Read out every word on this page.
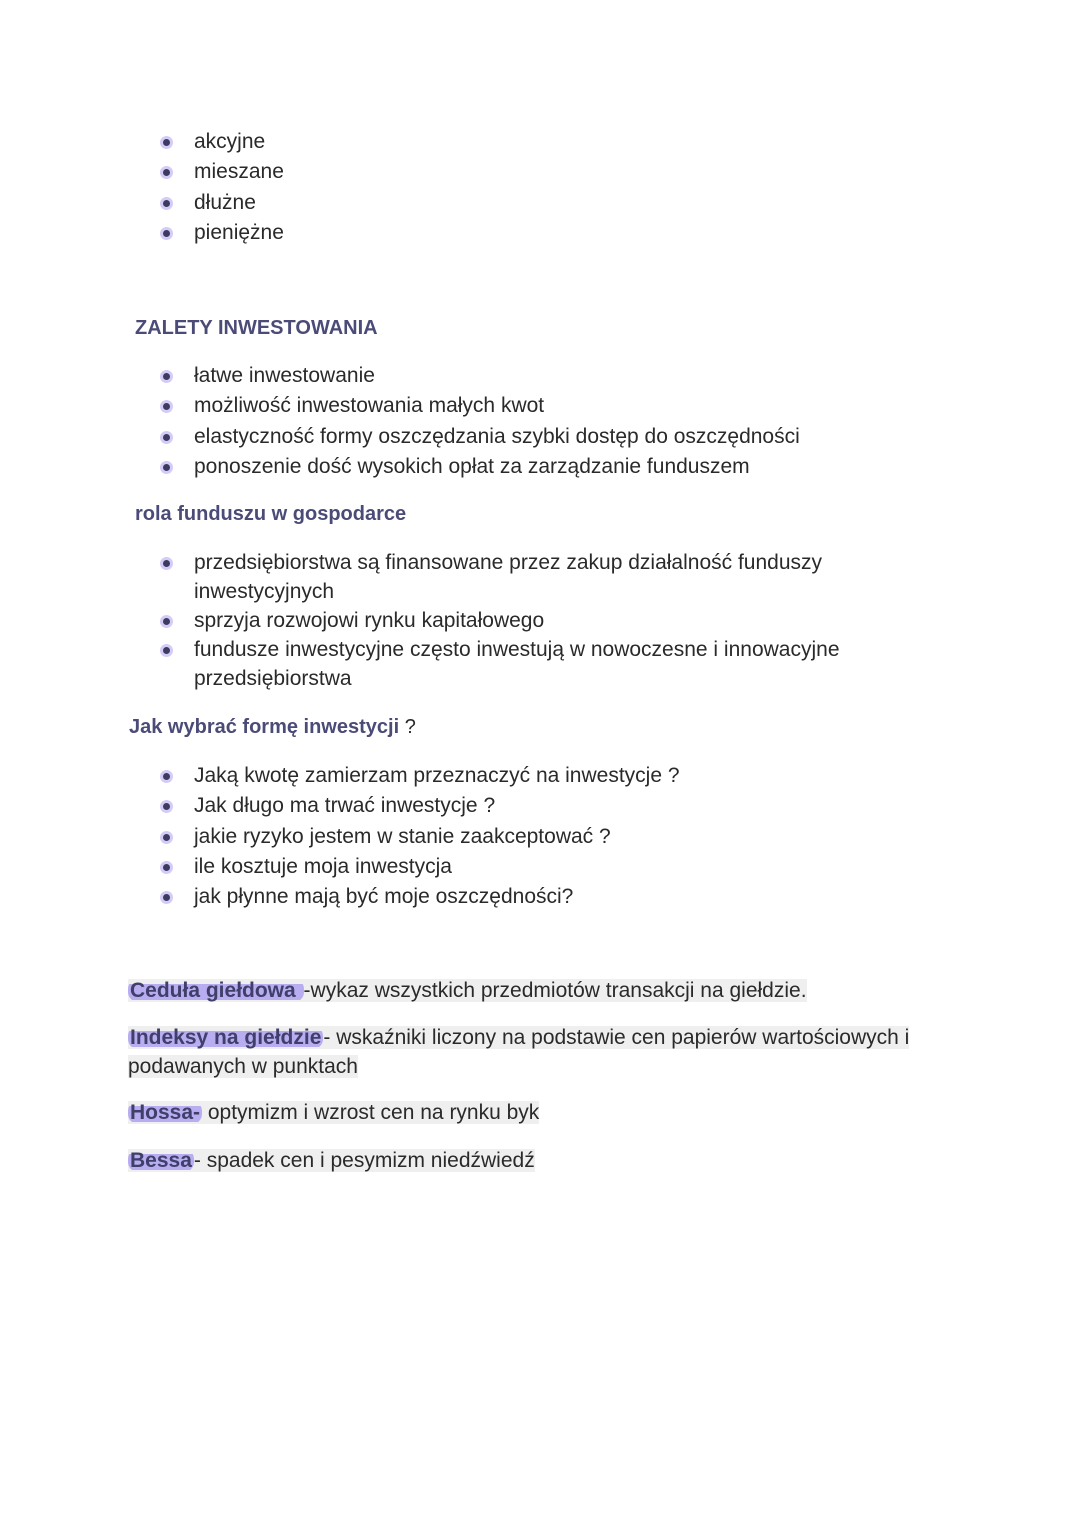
akcyjne
mieszane
dłużne
pieniężne
ZALETY INWESTOWANIA
łatwe inwestowanie
możliwość inwestowania małych kwot
elastyczność formy oszczędzania szybki dostęp do oszczędności
ponoszenie dość wysokich opłat za zarządzanie funduszem
rola funduszu w gospodarce
przedsiębiorstwa są finansowane przez zakup działalność funduszy inwestycyjnych
sprzyja rozwojowi rynku kapitałowego
fundusze inwestycyjne często inwestują w nowoczesne i innowacyjne przedsiębiorstwa
Jak wybrać formę inwestycji ?
Jaką kwotę zamierzam przeznaczyć na inwestycje ?
Jak długo ma trwać inwestycje ?
jakie ryzyko jestem w stanie zaakceptować ?
ile kosztuje moja inwestycja
jak płynne mają być moje oszczędności?
Ceduła giełdowa -wykaz wszystkich przedmiotów transakcji na giełdzie.
Indeksy na giełdzie- wskaźniki liczony na podstawie cen papierów wartościowych i podawanych w punktach
Hossa- optymizm i wzrost cen na rynku byk
Bessa- spadek cen i pesymizm niedźwiedź
